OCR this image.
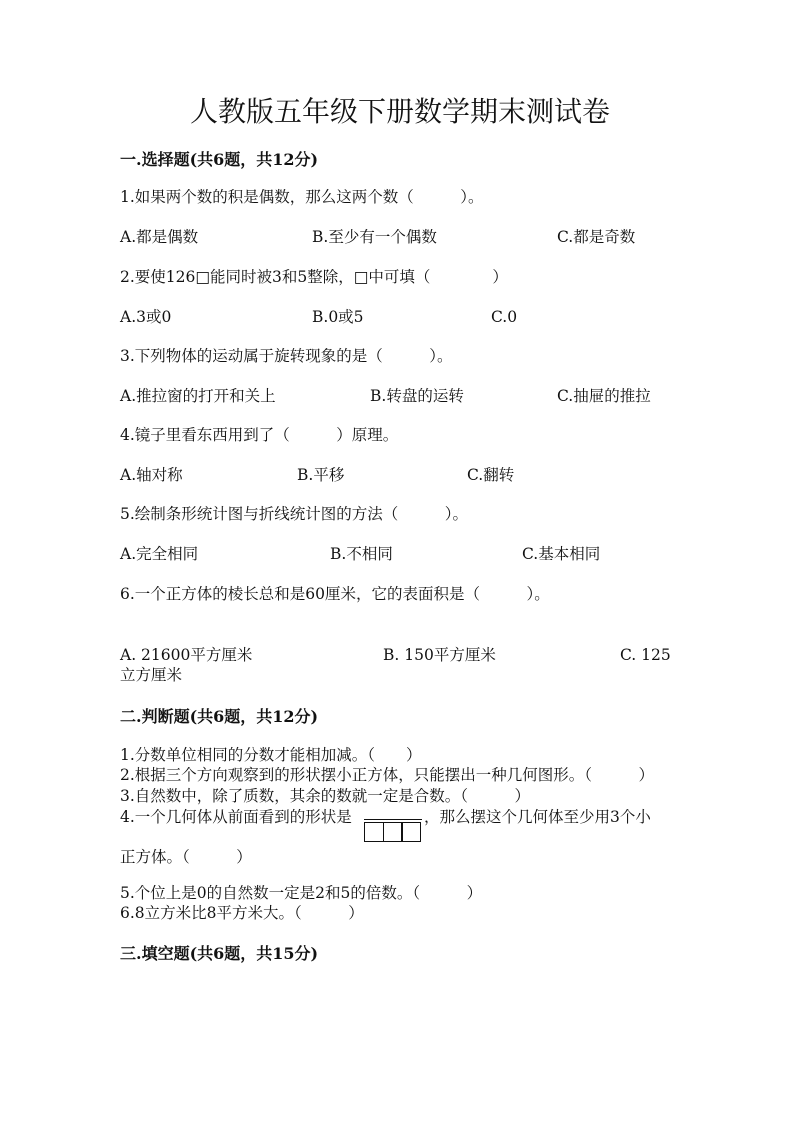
人教版五年级下册数学期末测试卷
一.选择题(共6题，共12分)
1.如果两个数的积是偶数，那么这两个数（　　　）。
A.都是偶数	B.至少有一个偶数	C.都是奇数
2.要使126□能同时被3和5整除，□中可填（　　　　）
A.3或0	B.0或5	C.0
3.下列物体的运动属于旋转现象的是（　　　）。
A.推拉窗的打开和关上	B.转盘的运转	C.抽屉的推拉
4.镜子里看东西用到了（　　　）原理。
A.轴对称	B.平移	C.翻转
5.绘制条形统计图与折线统计图的方法（　　　）。
A.完全相同	B.不相同	C.基本相同
6.一个正方体的棱长总和是60厘米，它的表面积是（　　　）。
A. 21600平方厘米	B. 150平方厘米	C. 125
立方厘米
二.判断题(共6题，共12分)
1.分数单位相同的分数才能相加减。（　　）
2.根据三个方向观察到的形状摆小正方体，只能摆出一种几何图形。（　　　）
3.自然数中，除了质数，其余的数就一定是合数。（　　　）
4.一个几何体从前面看到的形状是	，那么摆这个几何体至少用3个小
正方体。（　　　）
5.个位上是0的自然数一定是2和5的倍数。（　　　）
6.8立方米比8平方米大。（　　　）
三.填空题(共6题，共15分)
